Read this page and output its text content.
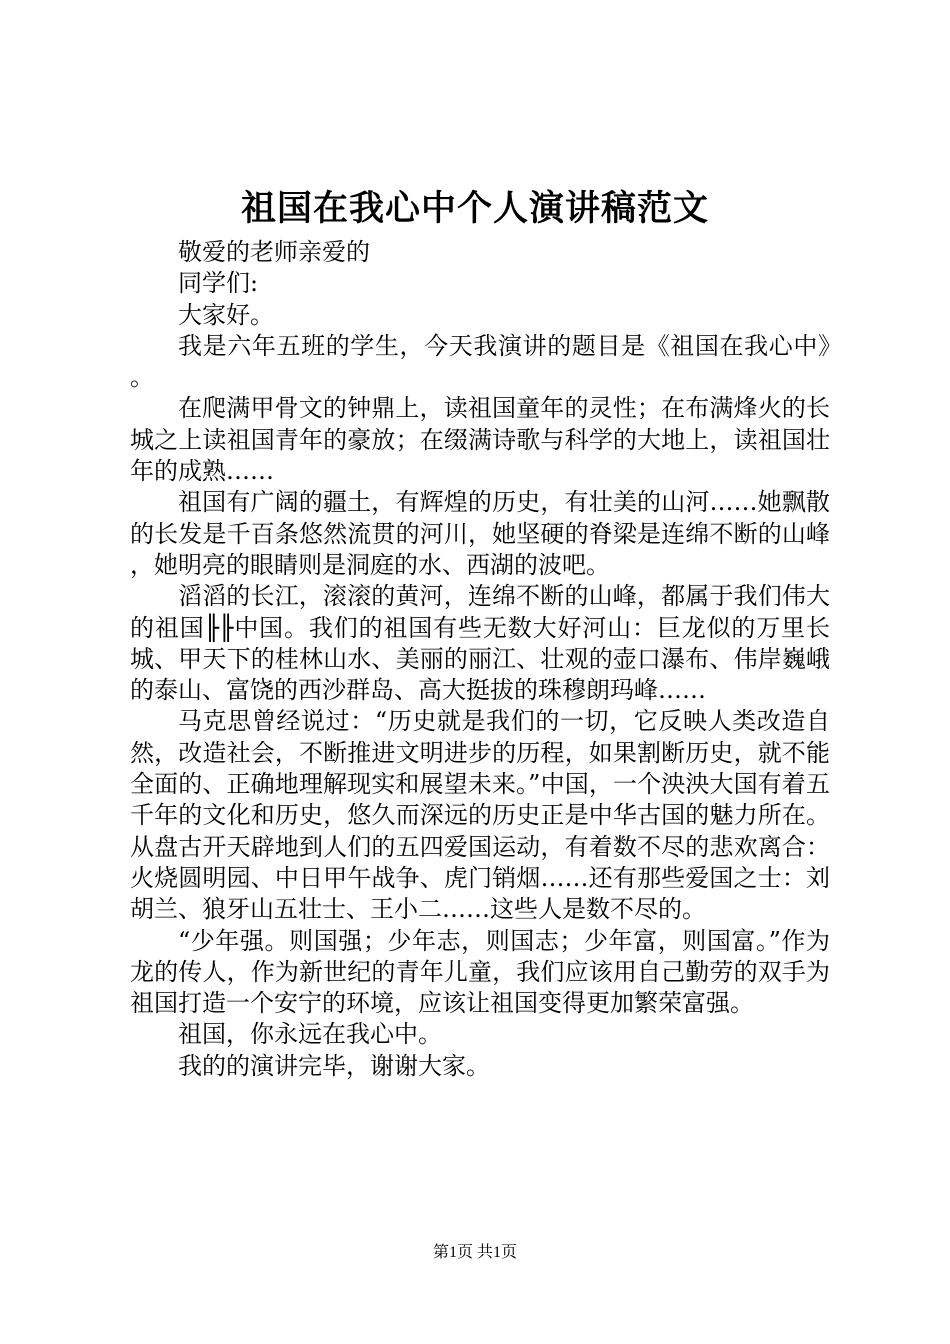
祖国在我心中个人演讲稿范文

敬爱的老师亲爱的

同学们:

大家好。

我是六年五班的学生，今天我演讲的题目是《祖国在我心中》。

在爬满甲骨文的钟鼎上，读祖国童年的灵性；在布满烽火的长城之上读祖国青年的豪放；在缀满诗歌与科学的大地上，读祖国壮年的成熟……

祖国有广阔的疆土，有辉煌的历史，有壮美的山河……她飘散的长发是千百条悠然流贯的河川，她坚硬的脊梁是连绵不断的山峰，她明亮的眼睛则是洞庭的水、西湖的波吧。

滔滔的长江，滚滚的黄河，连绵不断的山峰，都属于我们伟大的祖国╟╟中国。我们的祖国有些无数大好河山：巨龙似的万里长城、甲天下的桂林山水、美丽的丽江、壮观的壶口瀑布、伟岸巍峨的泰山、富饶的西沙群岛、高大挺拔的珠穆朗玛峰……

马克思曾经说过：“历史就是我们的一切，它反映人类改造自然，改造社会，不断推进文明进步的历程，如果割断历史，就不能全面的、正确地理解现实和展望未来。”中国，一个泱泱大国有着五千年的文化和历史，悠久而深远的历史正是中华古国的魅力所在。从盘古开天辟地到人们的五四爱国运动，有着数不尽的悲欢离合：火烧圆明园、中日甲午战争、虎门销烟……还有那些爱国之士：刘胡兰、狼牙山五壮士、王小二……这些人是数不尽的。

“少年强。则国强；少年志，则国志；少年富，则国富。”作为龙的传人，作为新世纪的青年儿童，我们应该用自己勤劳的双手为祖国打造一个安宁的环境，应该让祖国变得更加繁荣富强。

祖国，你永远在我心中。

我的的演讲完毕，谢谢大家。

第1页 共1页
